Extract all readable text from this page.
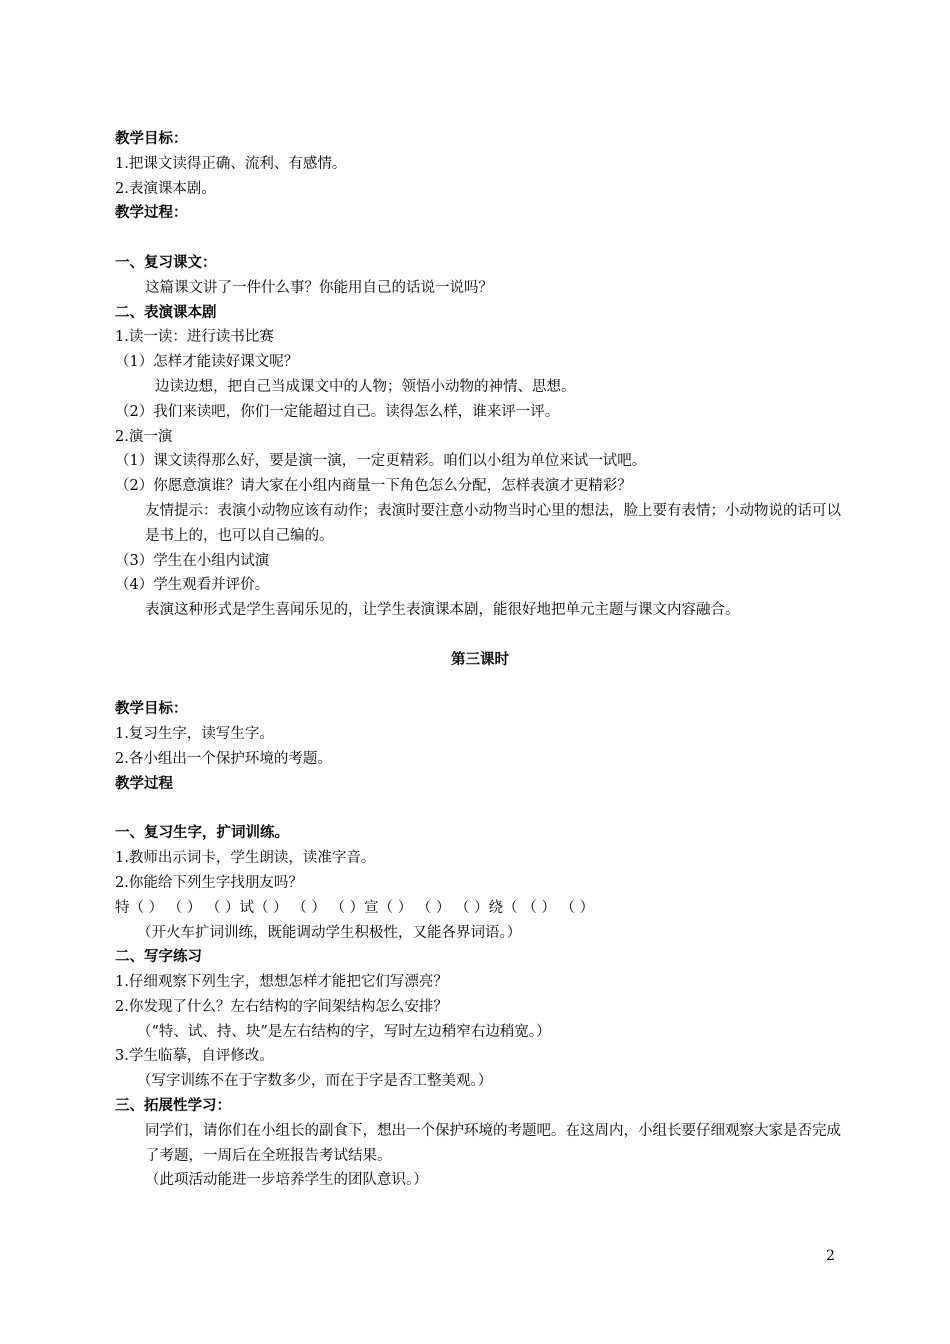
教学目标：
1.把课文读得正确、流利、有感情。
2.表演课本剧。
教学过程：
一、复习课文：
这篇课文讲了一件什么事？你能用自己的话说一说吗？
二、表演课本剧
1.读一读：进行读书比赛
（1）怎样才能读好课文呢？
边读边想，把自己当成课文中的人物；领悟小动物的神情、思想。
（2）我们来读吧，你们一定能超过自己。读得怎么样，谁来评一评。
2.演一演
（1）课文读得那么好，要是演一演，一定更精彩。咱们以小组为单位来试一试吧。
（2）你愿意演谁？请大家在小组内商量一下角色怎么分配，怎样表演才更精彩？
友情提示：表演小动物应该有动作；表演时要注意小动物当时心里的想法，脸上要有表情；小动物说的话可以是书上的，也可以自己编的。
（3）学生在小组内试演
（4）学生观看并评价。
表演这种形式是学生喜闻乐见的，让学生表演课本剧，能很好地把单元主题与课文内容融合。
第三课时
教学目标：
1.复习生字，读写生字。
2.各小组出一个保护环境的考题。
教学过程
一、复习生字，扩词训练。
1.教师出示词卡，学生朗读，读准字音。
2.你能给下列生字找朋友吗？
特（ ） （ ） （ ）试（ ） （ ） （ ）宣（ ） （ ） （ ）绕（ （ ） （ ）
（开火车扩词训练，既能调动学生积极性，又能各界词语。）
二、写字练习
1.仔细观察下列生字，想想怎样才能把它们写漂亮？
2.你发现了什么？左右结构的字间架结构怎么安排？
（“特、试、持、块”是左右结构的字，写时左边稍窄右边稍宽。）
3.学生临摹，自评修改。
（写字训练不在于字数多少，而在于字是否工整美观。）
三、拓展性学习：
同学们，请你们在小组长的副食下，想出一个保护环境的考题吧。在这周内，小组长要仔细观察大家是否完成了考题，一周后在全班报告考试结果。
（此项活动能进一步培养学生的团队意识。）
2
